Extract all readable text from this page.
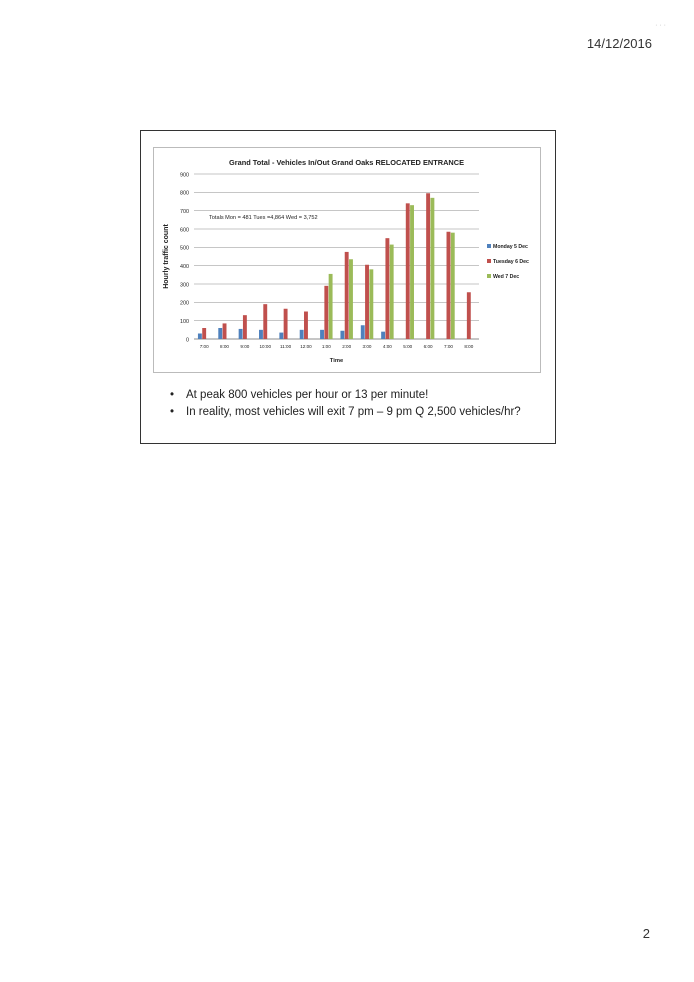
· · ·
14/12/2016
Grand Total - Vehicles In/Out Grand Oaks RELOCATED ENTRANCE
0
100
200
300
400
500
600
700
800
900
Hourly traffic count
7:00 8:00 9:00 10:00 11:00 12:00 1:00 2:00 3:00 4:00 5:00 6:00 7:00 8:00
Time
Totals Mon = 481 Tues =4,864 Wed = 3,752
Monday 5 Dec
Tuesday 6 Dec
Wed 7 Dec
• At peak 800 vehicles per hour or 13 per minute!
• In reality, most vehicles will exit 7 pm – 9 pm Q 2,500 vehicles/hr?
2
